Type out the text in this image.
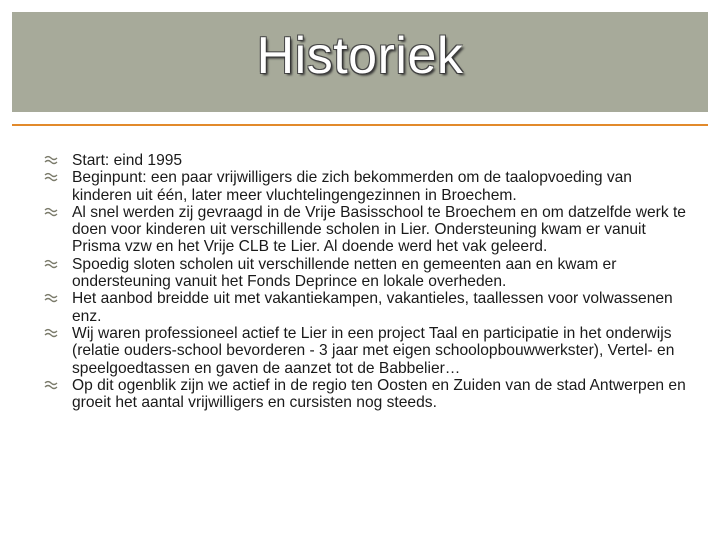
Historiek
Start: eind 1995
Beginpunt: een paar vrijwilligers die zich bekommerden om de taalopvoeding van kinderen uit één, later meer vluchtelingengezinnen in Broechem.
Al snel werden zij gevraagd in de Vrije Basisschool te Broechem en om datzelfde werk te doen voor kinderen uit verschillende scholen in Lier. Ondersteuning kwam er vanuit Prisma vzw en het Vrije CLB te Lier. Al doende werd het vak geleerd.
Spoedig sloten scholen uit verschillende netten en gemeenten aan en kwam er ondersteuning vanuit het Fonds Deprince en lokale overheden.
Het aanbod breidde uit met vakantiekampen, vakantieles, taallessen voor volwassenen enz.
Wij waren professioneel actief te Lier in een project Taal en participatie in het onderwijs (relatie ouders-school bevorderen - 3 jaar met eigen schoolopbouwwerkster), Vertel- en speelgoedtassen en gaven de aanzet tot de Babbelier…
Op dit ogenblik zijn we actief in de regio ten Oosten en Zuiden van de stad Antwerpen en groeit het aantal vrijwilligers en cursisten nog steeds.
